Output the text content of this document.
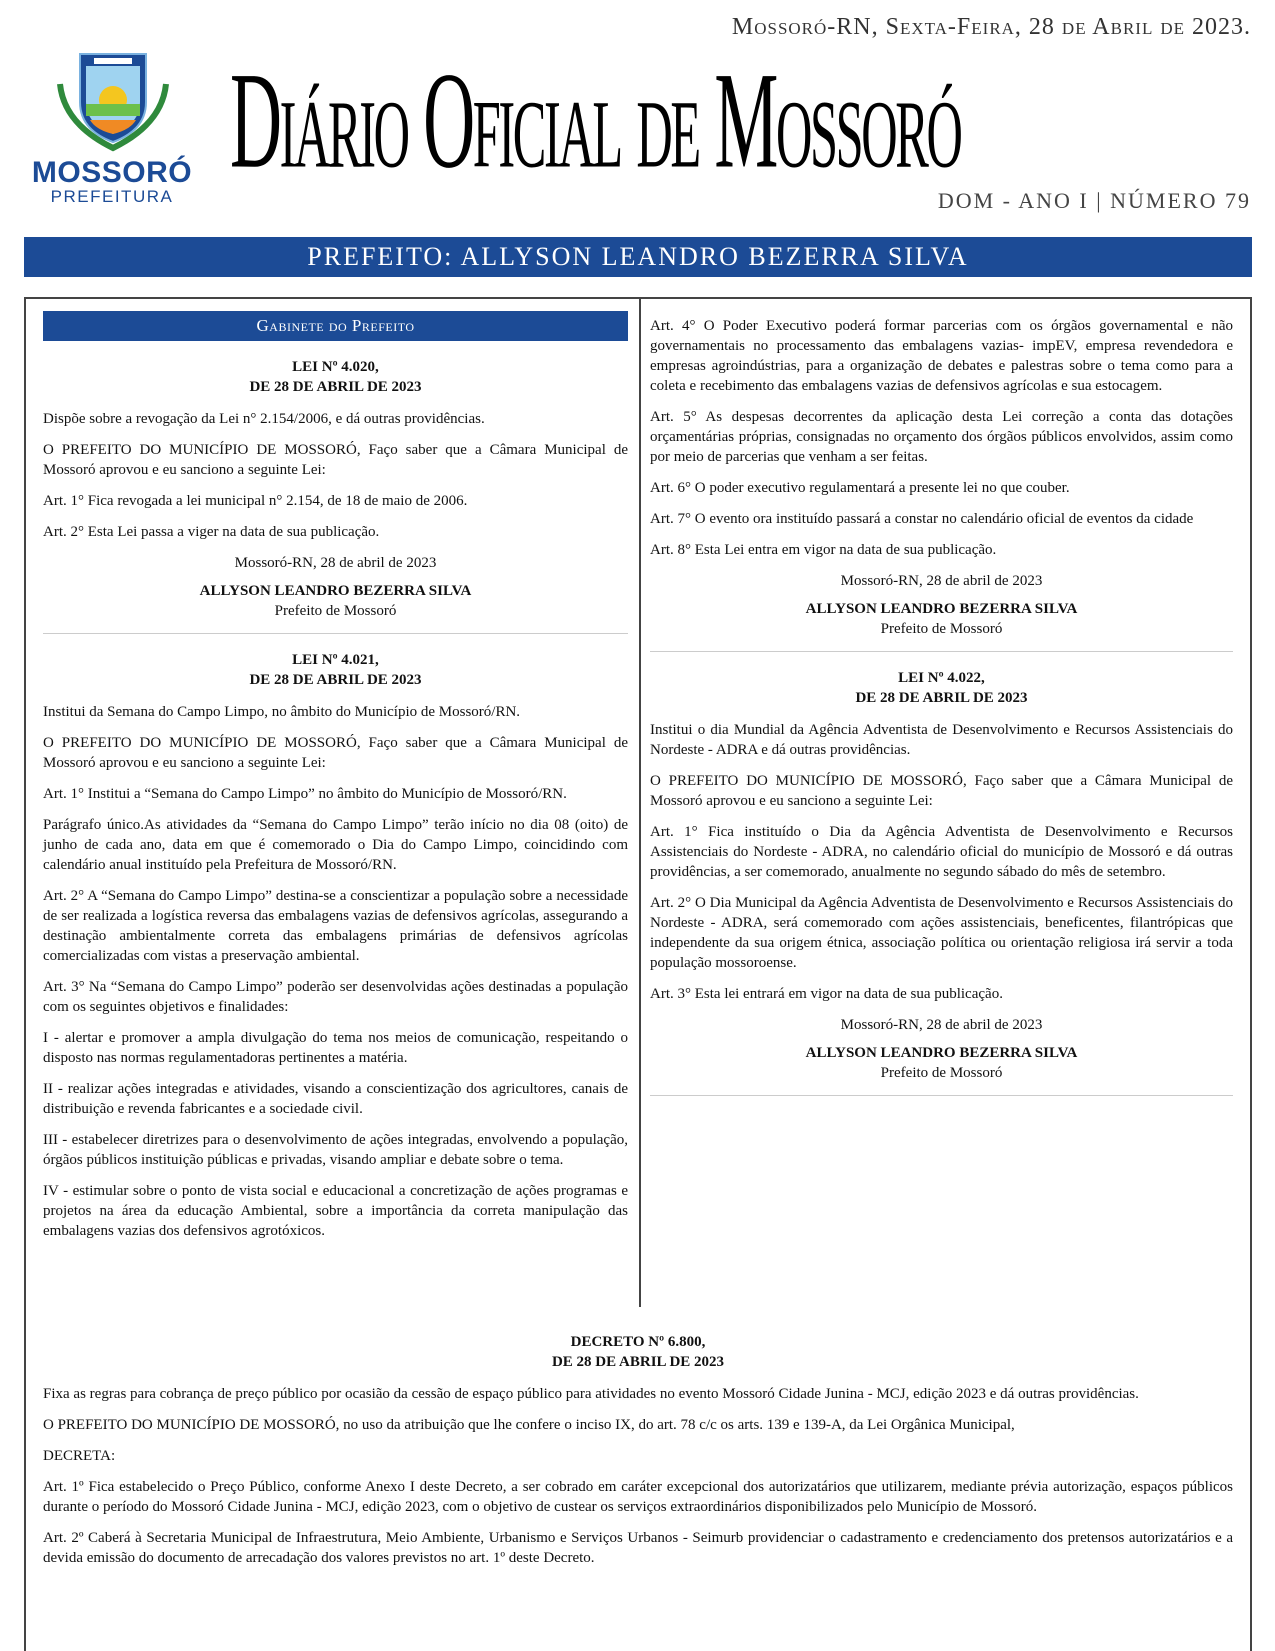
MOSSORÓ
PREFEITURA
Mossoró-RN, Sexta-Feira, 28 de Abril de 2023.
Diário Oficial de Mossoró
DOM - ANO I | NÚMERO 79
PREFEITO: ALLYSON LEANDRO BEZERRA SILVA
Gabinete do Prefeito
LEI Nº 4.020,
DE 28 DE ABRIL DE 2023
Dispõe sobre a revogação da Lei n° 2.154/2006, e dá outras providências.
O PREFEITO DO MUNICÍPIO DE MOSSORÓ, Faço saber que a Câmara Municipal de Mossoró aprovou e eu sanciono a seguinte Lei:
Art. 1° Fica revogada a lei municipal n° 2.154, de 18 de maio de 2006.
Art. 2° Esta Lei passa a viger na data de sua publicação.
Mossoró-RN, 28 de abril de 2023
ALLYSON LEANDRO BEZERRA SILVA
Prefeito de Mossoró
LEI Nº 4.021,
DE 28 DE ABRIL DE 2023
Institui da Semana do Campo Limpo, no âmbito do Município de Mossoró/RN.
O PREFEITO DO MUNICÍPIO DE MOSSORÓ, Faço saber que a Câmara Municipal de Mossoró aprovou e eu sanciono a seguinte Lei:
Art. 1° Institui a “Semana do Campo Limpo” no âmbito do Município de Mossoró/RN.
Parágrafo único.As atividades da “Semana do Campo Limpo” terão início no dia 08 (oito) de junho de cada ano, data em que é comemorado o Dia do Campo Limpo, coincidindo com calendário anual instituído pela Prefeitura de Mossoró/RN.
Art. 2° A “Semana do Campo Limpo” destina-se a conscientizar a população sobre a necessidade de ser realizada a logística reversa das embalagens vazias de defensivos agrícolas, assegurando a destinação ambientalmente correta das embalagens primárias de defensivos agrícolas comercializadas com vistas a preservação ambiental.
Art. 3° Na “Semana do Campo Limpo” poderão ser desenvolvidas ações destinadas a população com os seguintes objetivos e finalidades:
I - alertar e promover a ampla divulgação do tema nos meios de comunicação, respeitando o disposto nas normas regulamentadoras pertinentes a matéria.
II - realizar ações integradas e atividades, visando a conscientização dos agricultores, canais de distribuição e revenda fabricantes e a sociedade civil.
III - estabelecer diretrizes para o desenvolvimento de ações integradas, envolvendo a população, órgãos públicos instituição públicas e privadas, visando ampliar e debate sobre o tema.
IV - estimular sobre o ponto de vista social e educacional a concretização de ações programas e projetos na área da educação Ambiental, sobre a importância da correta manipulação das embalagens vazias dos defensivos agrotóxicos.
Art. 4° O Poder Executivo poderá formar parcerias com os órgãos governamental e não governamentais no processamento das embalagens vazias- impEV, empresa revendedora e empresas agroindústrias, para a organização de debates e palestras sobre o tema como para a coleta e recebimento das embalagens vazias de defensivos agrícolas e sua estocagem.
Art. 5° As despesas decorrentes da aplicação desta Lei correção a conta das dotações orçamentárias próprias, consignadas no orçamento dos órgãos públicos envolvidos, assim como por meio de parcerias que venham a ser feitas.
Art. 6° O poder executivo regulamentará a presente lei no que couber.
Art. 7° O evento ora instituído passará a constar no calendário oficial de eventos da cidade
Art. 8° Esta Lei entra em vigor na data de sua publicação.
Mossoró-RN, 28 de abril de 2023
ALLYSON LEANDRO BEZERRA SILVA
Prefeito de Mossoró
LEI Nº 4.022,
DE 28 DE ABRIL DE 2023
Institui o dia Mundial da Agência Adventista de Desenvolvimento e Recursos Assistenciais do Nordeste - ADRA e dá outras providências.
O PREFEITO DO MUNICÍPIO DE MOSSORÓ, Faço saber que a Câmara Municipal de Mossoró aprovou e eu sanciono a seguinte Lei:
Art. 1° Fica instituído o Dia da Agência Adventista de Desenvolvimento e Recursos Assistenciais do Nordeste - ADRA, no calendário oficial do município de Mossoró e dá outras providências, a ser comemorado, anualmente no segundo sábado do mês de setembro.
Art. 2° O Dia Municipal da Agência Adventista de Desenvolvimento e Recursos Assistenciais do Nordeste - ADRA, será comemorado com ações assistenciais, beneficentes, filantrópicas que independente da sua origem étnica, associação política ou orientação religiosa irá servir a toda população mossoroense.
Art. 3° Esta lei entrará em vigor na data de sua publicação.
Mossoró-RN, 28 de abril de 2023
ALLYSON LEANDRO BEZERRA SILVA
Prefeito de Mossoró
DECRETO Nº 6.800,
DE 28 DE ABRIL DE 2023
Fixa as regras para cobrança de preço público por ocasião da cessão de espaço público para atividades no evento Mossoró Cidade Junina - MCJ, edição 2023 e dá outras providências.
O PREFEITO DO MUNICÍPIO DE MOSSORÓ, no uso da atribuição que lhe confere o inciso IX, do art. 78 c/c os arts. 139 e 139-A, da Lei Orgânica Municipal,
DECRETA:
Art. 1º Fica estabelecido o Preço Público, conforme Anexo I deste Decreto, a ser cobrado em caráter excepcional dos autorizatários que utilizarem, mediante prévia autorização, espaços públicos durante o período do Mossoró Cidade Junina - MCJ, edição 2023, com o objetivo de custear os serviços extraordinários disponibilizados pelo Município de Mossoró.
Art. 2º Caberá à Secretaria Municipal de Infraestrutura, Meio Ambiente, Urbanismo e Serviços Urbanos - Seimurb providenciar o cadastramento e credenciamento dos pretensos autorizatários e a devida emissão do documento de arrecadação dos valores previstos no art. 1º deste Decreto.
